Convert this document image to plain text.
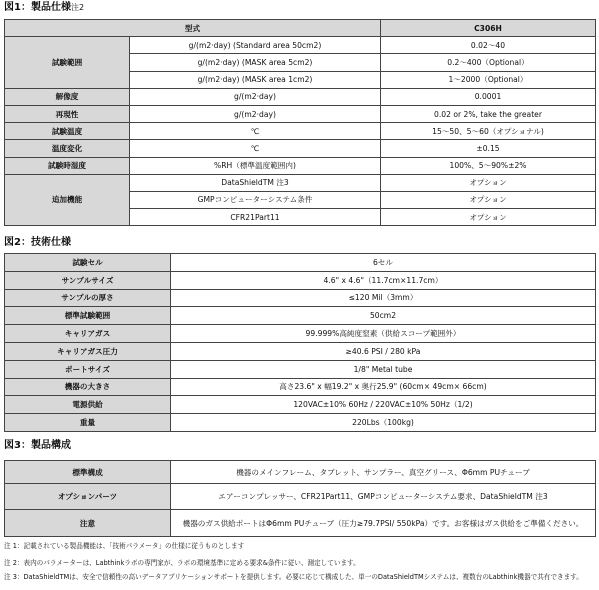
図1：製品仕様注2
型式		C306H
試験範囲	g/(m2·day) (Standard area 50cm2)	0.02～40
	g/(m2·day) (MASK area 5cm2)	0.2～400（Optional）
	g/(m2·day) (MASK area 1cm2)	1～2000（Optional）
解像度	g/(m2·day)	0.0001
再現性	g/(m2·day)	0.02 or 2%, take the greater
試験温度	℃	15～50、5～60（オプショナル)
温度変化	℃	±0.15
試験時湿度	%RH（標準温度範囲内)	100%、5～90%±2%
追加機能	DataShieldTM 注3	オプション
	GMPコンピューターシステム条件	オプション
	CFR21Part11	オプション
図2：技術仕様
試験セル	6セル
サンプルサイズ	4.6" x 4.6"（11.7cm×11.7cm）
サンプルの厚さ	≤120 Mil（3mm）
標準試験範囲	50cm2
キャリアガス	99.999%高純度窒素（供給スコープ範囲外）
キャリアガス圧力	≥40.6 PSI / 280 kPa
ポートサイズ	1/8" Metal tube
機器の大きさ	高さ23.6" x 幅19.2" x 奥行25.9" (60cm× 49cm× 66cm)
電源供給	120VAC±10% 60Hz / 220VAC±10% 50Hz（1/2)
重量	220Lbs（100kg)
図3：製品構成
標準構成	機器のメインフレーム、タブレット、サンプラー、真空グリース、Φ6mm PUチューブ
オプションパーツ	エアーコンプレッサー、CFR21Part11、GMPコンピューターシステム要求、DataShieldTM 注3
注意	機器のガス供給ポートはΦ6mm PUチューブ（圧力≥79.7PSI/ 550kPa）です。お客様はガス供給をご準備ください。
注 1：記載されている製品機能は、「技術パラメータ」の仕様に従うものとします
注 2：表内のパラメーターは、Labthinkラボの専門家が、ラボの環境基準に定める要求&条件に従い、測定しています。
注 3：DataShieldTMは、安全で信頼性の高いデータアプリケーションサポートを提供します。必要に応じて構成した、単一のDataShieldTMシステムは、複数台のLabthink機器で共有できます。
